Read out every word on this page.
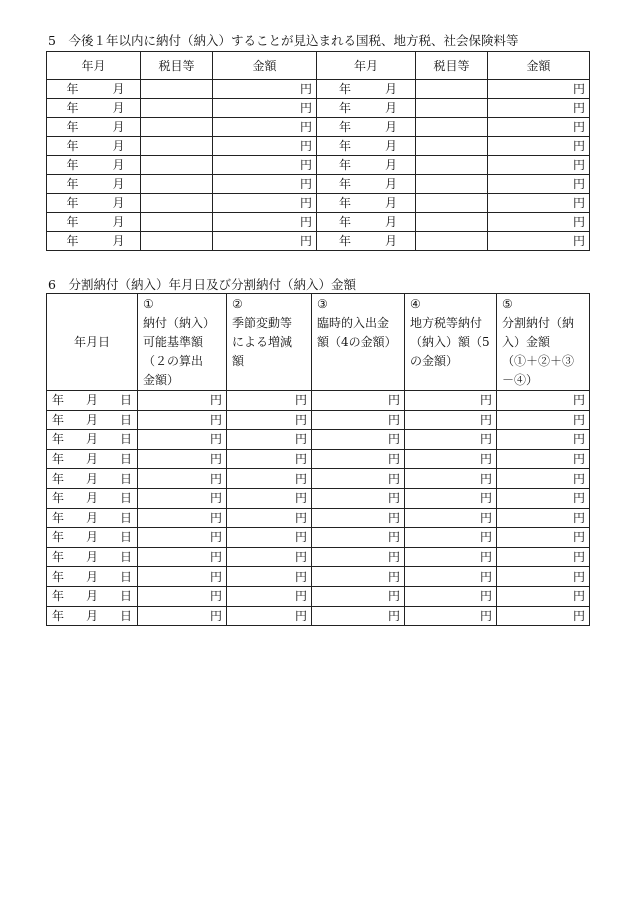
5　今後１年以内に納付（納入）することが見込まれる国税、地方税、社会保険料等
年月	税目等	金額	年月	税目等	金額

年 月		円	年 月		円

年 月		円	年 月		円

年 月		円	年 月		円

年 月		円	年 月		円

年 月		円	年 月		円

年 月		円	年 月		円

年 月		円	年 月		円

年 月		円	年 月		円

年 月		円	年 月		円
6　分割納付（納入）年月日及び分割納付（納入）金額
年月日	①
納付（納入）
可能基準額
（２の算出
金額）	②
季節変動等
による増減
額	③
臨時的入出金
額（4の金額）	④
地方税等納付
（納入）額（5
の金額）	⑤
分割納付（納
入）金額
（①＋②＋③
－④）

年 月 日	円	円	円	円	円

年 月 日	円	円	円	円	円

年 月 日	円	円	円	円	円

年 月 日	円	円	円	円	円

年 月 日	円	円	円	円	円

年 月 日	円	円	円	円	円

年 月 日	円	円	円	円	円

年 月 日	円	円	円	円	円

年 月 日	円	円	円	円	円

年 月 日	円	円	円	円	円

年 月 日	円	円	円	円	円

年 月 日	円	円	円	円	円
